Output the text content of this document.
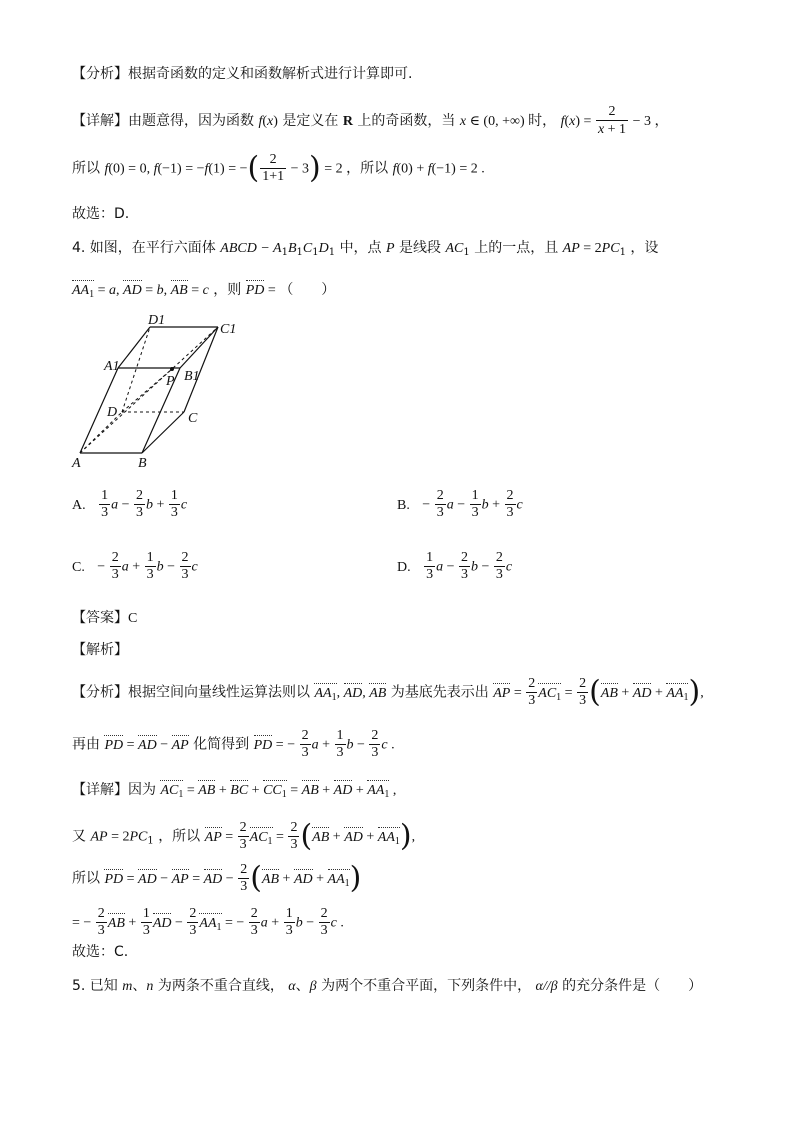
【分析】根据奇函数的定义和函数解析式进行计算即可.
【详解】由题意得，因为函数 f(x) 是定义在 R 上的奇函数，当 x ∈ (0, +∞) 时， $f(x) = \frac{2}{x + 1} - 3$ ，
所以 f(0) = 0, f(−1) = −f(1) = −( $\frac{2}{1+1} - 3) = 2$ ，所以 f(0) + f(−1) = 2 .
故选：D.
4. 如图，在平行六面体 ABCD − $A_1B_1C_1D_1$ 中，点 P 是线段 $AC_1$ 上的一点，且 AP = $2PC_1$ ，设
$AA_1 = a$, AD = b, AB = c ，则 PD = （　　）
A	B
C
D
A1
B1
C1
D1
P
A. $\frac{1}{3}$ $a - \frac{2}{3}$ $b + \frac{1}{3}$ c	B. − $\frac{2}{3}$ $a - \frac{1}{3}$ $b + \frac{2}{3}$ c
C. − $\frac{2}{3}$ $a + \frac{1}{3}$ $b - \frac{2}{3}$ c	D. $\frac{1}{3}$ $a - \frac{2}{3}$ $b - \frac{2}{3}$ c
【答案】C
【解析】
【分析】根据空间向量线性运算法则以 $AA_1$, AD, AB 为基底先表示出 AP = $\frac{2}{3} AC_1 = \frac{2}{3} (AB$ + AD + $AA_1$),
再由 PD = AD − AP 化简得到 PD = − $\frac{2}{3}$ $a + \frac{1}{3}$ $b - \frac{2}{3}$ c .
【详解】因为 $AC_1$ = AB + BC + $CC_1$ = AB + AD + $AA_1$ ,
又 AP = $2PC_1$ ，所以 AP = $\frac{2}{3} AC_1 = \frac{2}{3} (AB$ + AD + $AA_1$),
所以 PD = AD − AP = AD − $\frac{2}{3} (AB$ + AD + $AA_1$)
= − $\frac{2}{3}$ AB + $\frac{1}{3}$ AD − $\frac{2}{3} AA_1$ = − $\frac{2}{3}$ $a + \frac{1}{3}$ $b - \frac{2}{3}$ c .
故选：C.
5. 已知 m、n 为两条不重合直线， α、β 为两个不重合平面，下列条件中， α//β 的充分条件是（　　）
